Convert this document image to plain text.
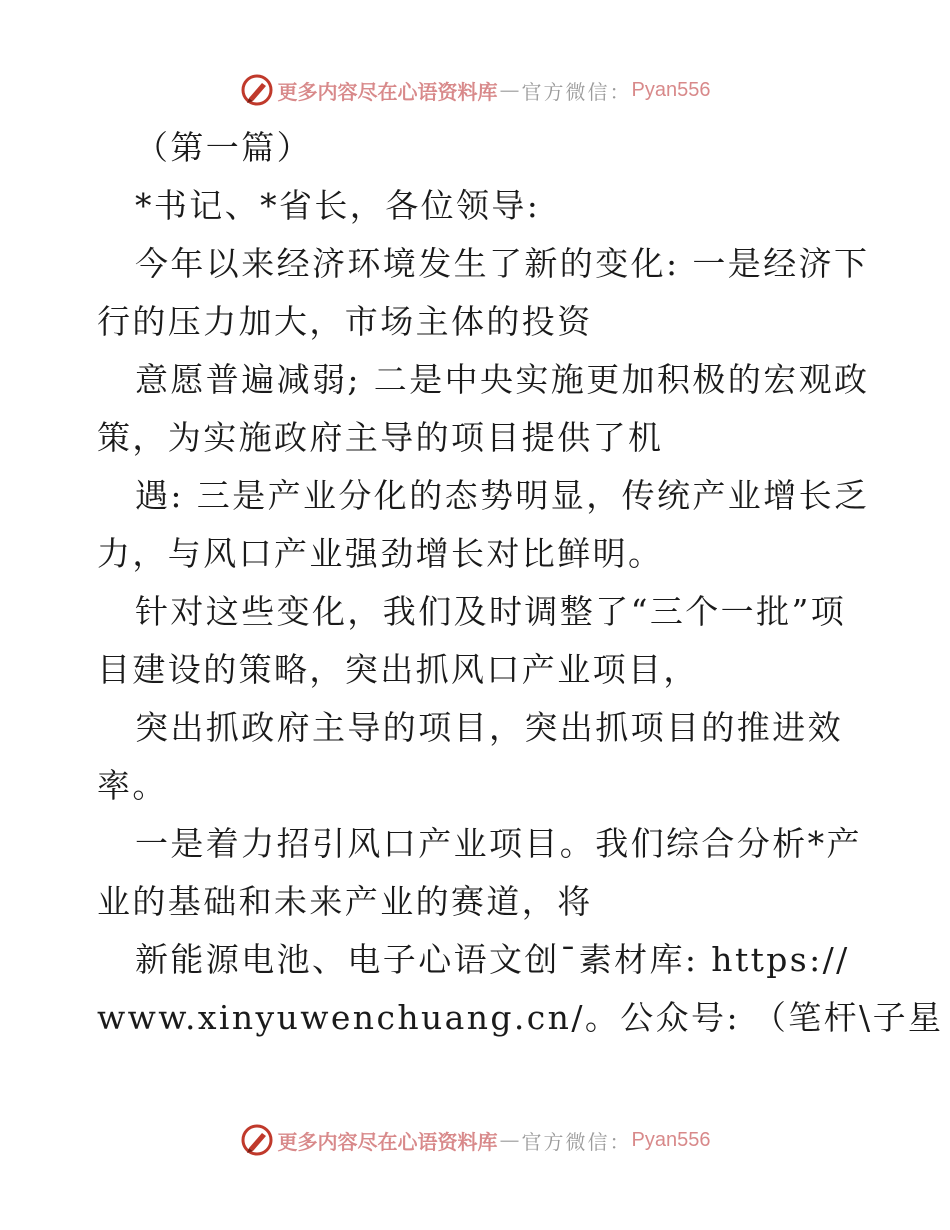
更多内容尽在心语资料库 — 官方微信： Pyan556
（第一篇）
*书记、*省长，各位领导:
今年以来经济环境发生了新的变化: 一是经济下
行的压力加大，市场主体的投资
意愿普遍减弱; 二是中央实施更加积极的宏观政
策，为实施政府主导的项目提供了机
遇: 三是产业分化的态势明显，传统产业增长乏
力，与风口产业强劲增长对比鲜明。
针对这些变化，我们及时调整了“三个一批”项
目建设的策略，突出抓风口产业项目，
突出抓政府主导的项目，突出抓项目的推进效
率。
一是着力招引风口产业项目。我们综合分析*产
业的基础和未来产业的赛道，将
新能源电池、电子心语文创¯素材库: https://
www.xinyuwenchuang.cn/。公众号: （笔杆\子星
更多内容尽在心语资料库 — 官方微信： Pyan556
